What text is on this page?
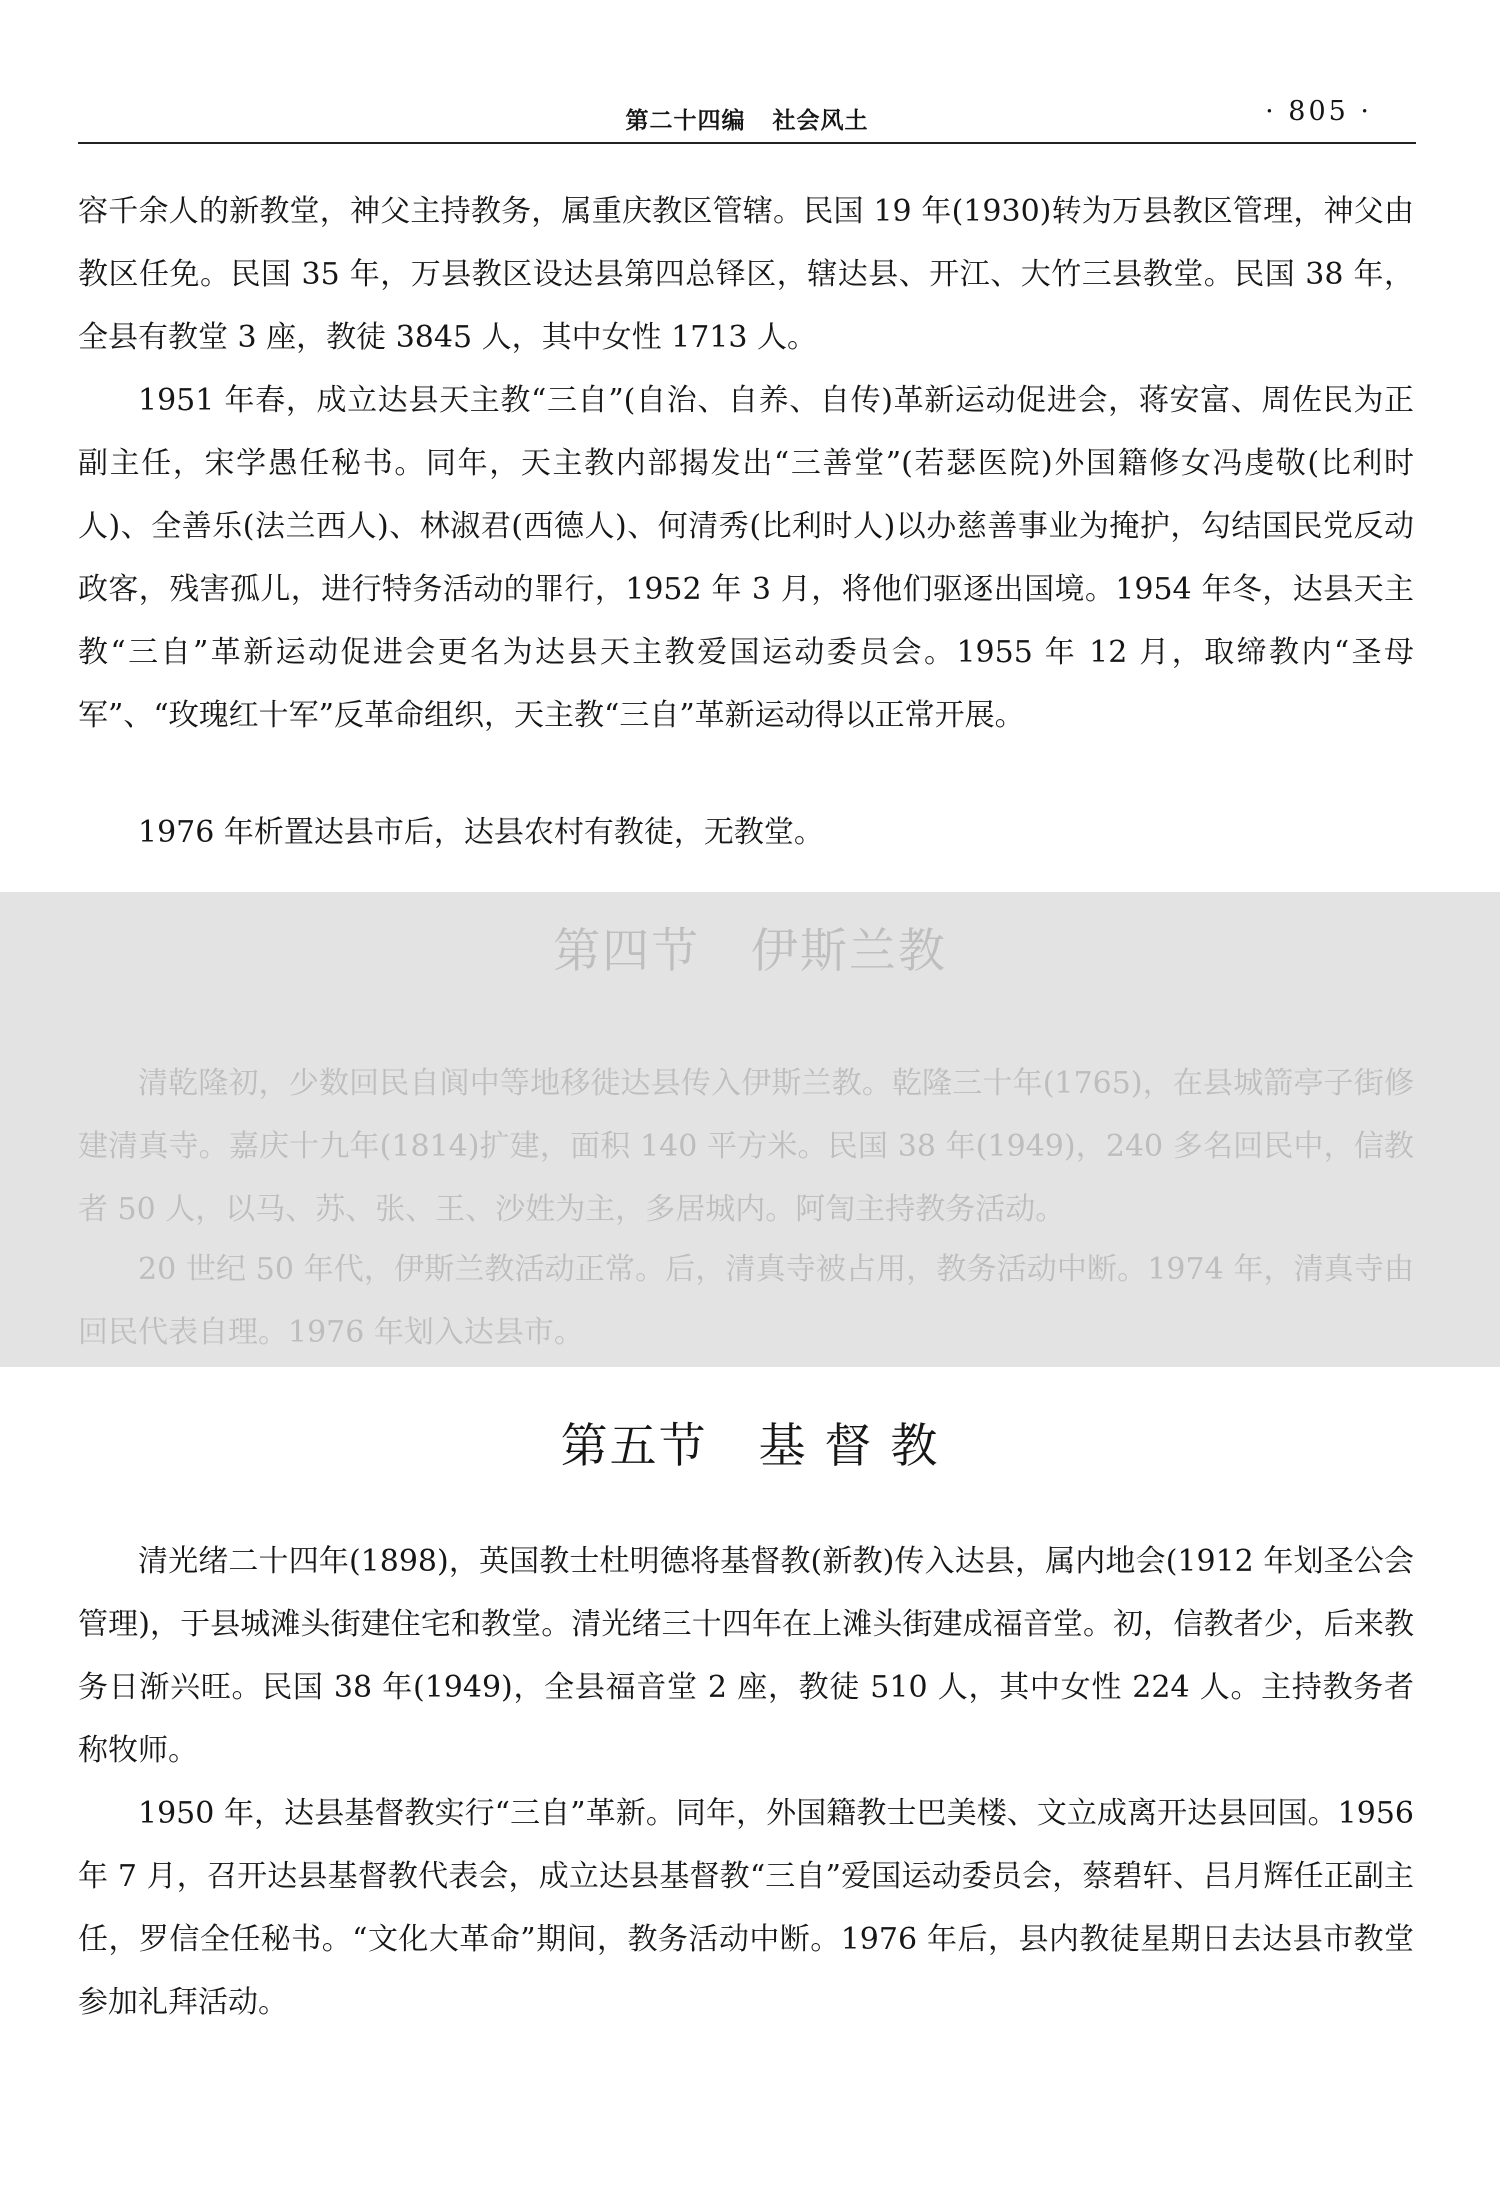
第二十四编   社会风土	· 805 ·

容千余人的新教堂，神父主持教务，属重庆教区管辖。民国 19 年(1930)转为万县教区管理，神父由教区任免。民国 35 年，万县教区设达县第四总铎区，辖达县、开江、大竹三县教堂。民国 38 年，全县有教堂 3 座，教徒 3845 人，其中女性 1713 人。

1951 年春，成立达县天主教“三自”(自治、自养、自传)革新运动促进会，蒋安富、周佐民为正副主任，宋学愚任秘书。同年，天主教内部揭发出“三善堂”(若瑟医院)外国籍修女冯虔敬(比利时人)、全善乐(法兰西人)、林淑君(西德人)、何清秀(比利时人)以办慈善事业为掩护，勾结国民党反动政客，残害孤儿，进行特务活动的罪行，1952 年 3 月，将他们驱逐出国境。1954 年冬，达县天主教“三自”革新运动促进会更名为达县天主教爱国运动委员会。1955 年 12 月，取缔教内“圣母军”、“玫瑰红十军”反革命组织，天主教“三自”革新运动得以正常开展。

1976 年析置达县市后，达县农村有教徒，无教堂。

第四节   伊斯兰教

清乾隆初，少数回民自阆中等地移徙达县传入伊斯兰教。乾隆三十年(1765)，在县城箭亭子街修建清真寺。嘉庆十九年(1814)扩建，面积 140 平方米。民国 38 年(1949)，240 多名回民中，信教者 50 人，以马、苏、张、王、沙姓为主，多居城内。阿訇主持教务活动。

20 世纪 50 年代，伊斯兰教活动正常。后，清真寺被占用，教务活动中断。1974 年，清真寺由回民代表自理。1976 年划入达县市。

第五节   基 督 教

清光绪二十四年(1898)，英国教士杜明德将基督教(新教)传入达县，属内地会(1912 年划圣公会管理)，于县城滩头街建住宅和教堂。清光绪三十四年在上滩头街建成福音堂。初，信教者少，后来教务日渐兴旺。民国 38 年(1949)，全县福音堂 2 座，教徒 510 人，其中女性 224 人。主持教务者称牧师。

1950 年，达县基督教实行“三自”革新。同年，外国籍教士巴美楼、文立成离开达县回国。1956 年 7 月，召开达县基督教代表会，成立达县基督教“三自”爱国运动委员会，蔡碧轩、吕月辉任正副主任，罗信全任秘书。“文化大革命”期间，教务活动中断。1976 年后，县内教徒星期日去达县市教堂参加礼拜活动。
